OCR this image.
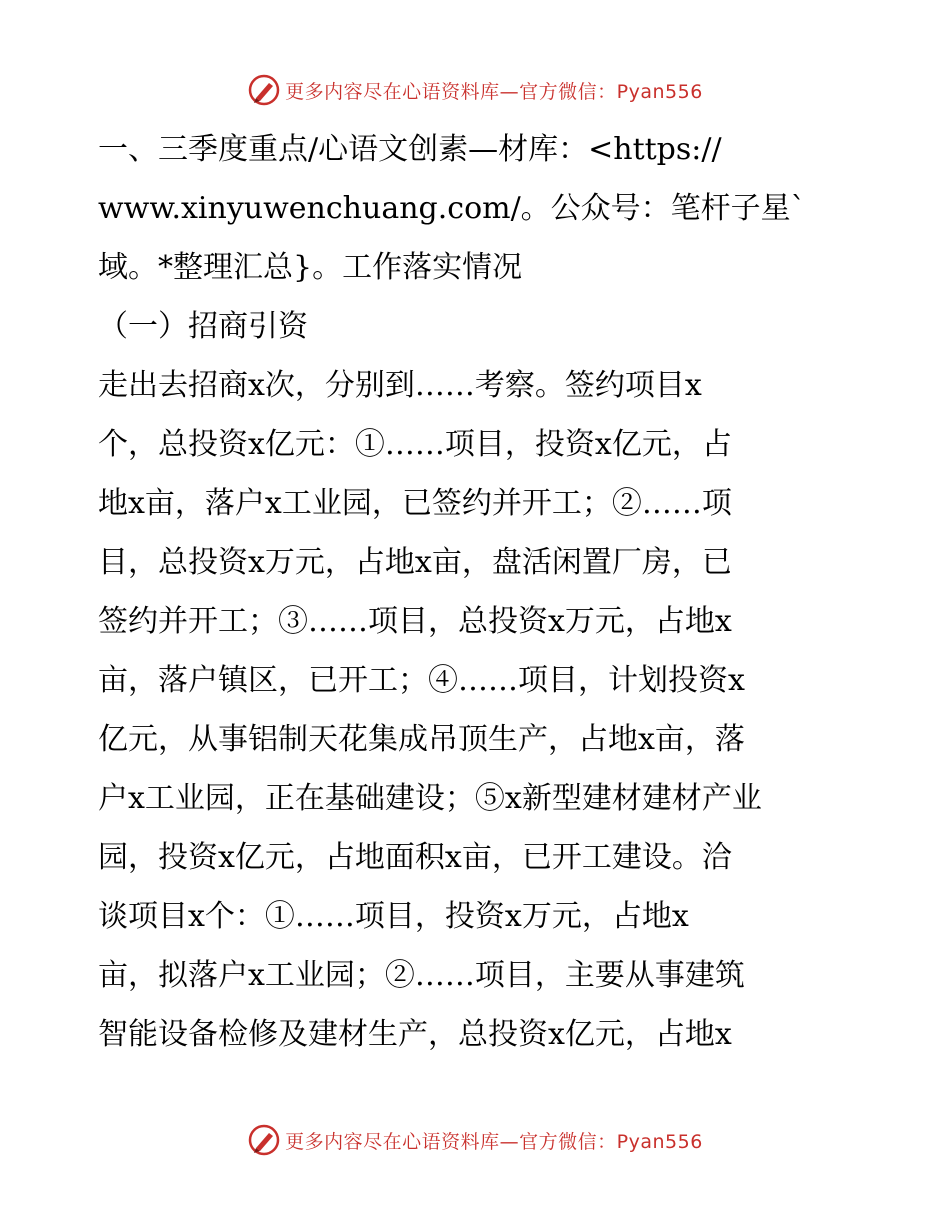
更多内容尽在心语资料库—官方微信：Pyan556

一、三季度重点/心语文创素—材库：<https://
www.xinyuwenchuang.com/。公众号：笔杆子星`
域。*整理汇总}。工作落实情况

（一）招商引资

走出去招商x次，分别到……考察。签约项目x
个，总投资x亿元：①……项目，投资x亿元，占
地x亩，落户x工业园，已签约并开工；②……项
目，总投资x万元，占地x亩，盘活闲置厂房，已
签约并开工；③……项目，总投资x万元，占地x
亩，落户镇区，已开工；④……项目，计划投资x
亿元，从事铝制天花集成吊顶生产，占地x亩，落
户x工业园，正在基础建设；⑤x新型建材建材产业
园，投资x亿元，占地面积x亩，已开工建设。洽
谈项目x个：①……项目，投资x万元，占地x
亩，拟落户x工业园；②……项目，主要从事建筑
智能设备检修及建材生产，总投资x亿元，占地x

更多内容尽在心语资料库—官方微信：Pyan556
